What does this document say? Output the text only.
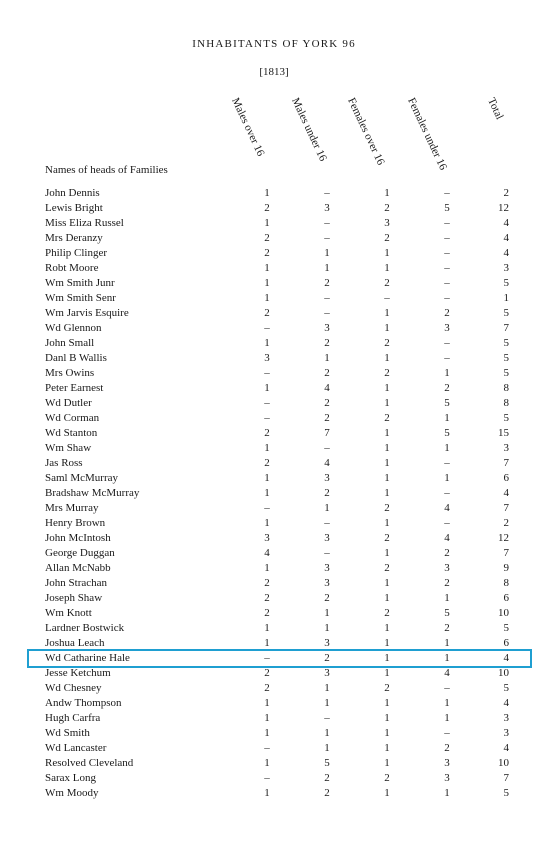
INHABITANTS OF YORK 96
[1813]
Males over 16	Males under 16	Females over 16	Females under 16	Total
Names of heads of Families
John Dennis	1	–	1	–	2
Lewis Bright	2	3	2	5	12
Miss Eliza Russel	1	–	3	–	4
Mrs Deranzy	2	–	2	–	4
Philip Clinger	2	1	1	–	4
Robt Moore	1	1	1	–	3
Wm Smith Junr	1	2	2	–	5
Wm Smith Senr	1	–	–	–	1
Wm Jarvis Esquire	2	–	1	2	5
Wd Glennon	–	3	1	3	7
John Small	1	2	2	–	5
Danl B Wallis	3	1	1	–	5
Mrs Owins	–	2	2	1	5
Peter Earnest	1	4	1	2	8
Wd Dutler	–	2	1	5	8
Wd Corman	–	2	2	1	5
Wd Stanton	2	7	1	5	15
Wm Shaw	1	–	1	1	3
Jas Ross	2	4	1	–	7
Saml McMurray	1	3	1	1	6
Bradshaw McMurray	1	2	1	–	4
Mrs Murray	–	1	2	4	7
Henry Brown	1	–	1	–	2
John McIntosh	3	3	2	4	12
George Duggan	4	–	1	2	7
Allan McNabb	1	3	2	3	9
John Strachan	2	3	1	2	8
Joseph Shaw	2	2	1	1	6
Wm Knott	2	1	2	5	10
Lardner Bostwick	1	1	1	2	5
Joshua Leach	1	3	1	1	6
Wd Catharine Hale	–	2	1	1	4
Jesse Ketchum	2	3	1	4	10
Wd Chesney	2	1	2	–	5
Andw Thompson	1	1	1	1	4
Hugh Carfra	1	–	1	1	3
Wd Smith	1	1	1	–	3
Wd Lancaster	–	1	1	2	4
Resolved Cleveland	1	5	1	3	10
Sarax Long	–	2	2	3	7
Wm Moody	1	2	1	1	5
